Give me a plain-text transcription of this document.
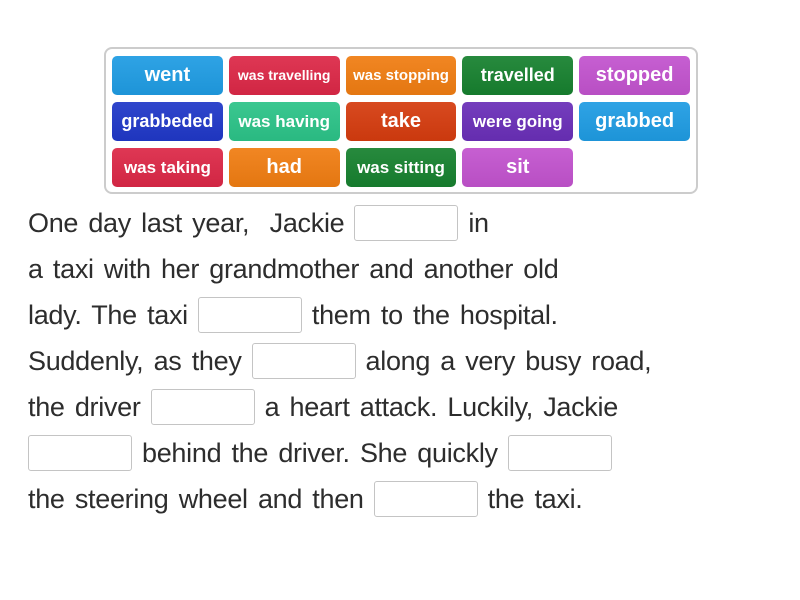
went	was travelling	was stopping	travelled	stopped
grabbeded	was having	take	were going	grabbed
was taking	had	was sitting	sit
One day last year,  Jackie	in
a taxi with her grandmother and another old
lady. The taxi	them to the hospital.
Suddenly, as they	along a very busy road,
the driver	a heart attack. Luckily, Jackie
behind the driver. She quickly
the steering wheel and then	the taxi.
